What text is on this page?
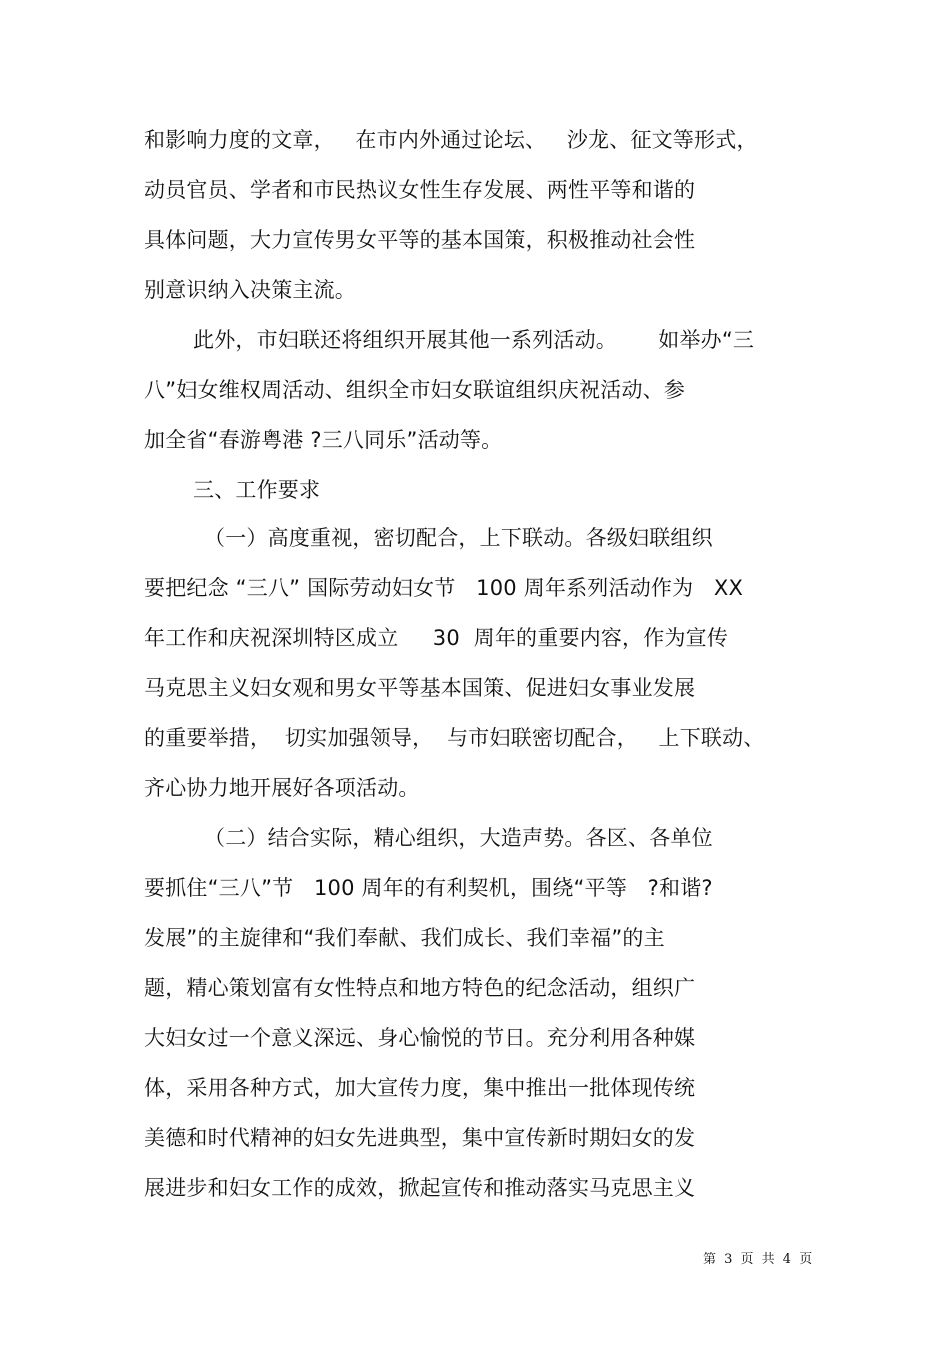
和影响力度的文章，   在市内外通过论坛、   沙龙、征文等形式，
动员官员、学者和市民热议女性生存发展、两性平等和谐的
具体问题，大力宣传男女平等的基本国策，积极推动社会性
别意识纳入决策主流。
此外，市妇联还将组织开展其他一系列活动。      如举办“三
八”妇女维权周活动、组织全市妇女联谊组织庆祝活动、参
加全省“春游粤港 ?三八同乐”活动等。
三、工作要求
（一）高度重视，密切配合，上下联动。各级妇联组织
要把纪念 “三八” 国际劳动妇女节   100 周年系列活动作为   XX
年工作和庆祝深圳特区成立     30  周年的重要内容，作为宣传
马克思主义妇女观和男女平等基本国策、促进妇女事业发展
的重要举措，  切实加强领导，  与市妇联密切配合，   上下联动、
齐心协力地开展好各项活动。
（二）结合实际，精心组织，大造声势。各区、各单位
要抓住“三八”节   100 周年的有利契机，围绕“平等   ?和谐?
发展”的主旋律和“我们奉献、我们成长、我们幸福”的主
题，精心策划富有女性特点和地方特色的纪念活动，组织广
大妇女过一个意义深远、身心愉悦的节日。充分利用各种媒
体，采用各种方式，加大宣传力度，集中推出一批体现传统
美德和时代精神的妇女先进典型，集中宣传新时期妇女的发
展进步和妇女工作的成效，掀起宣传和推动落实马克思主义
第 3 页 共 4 页
